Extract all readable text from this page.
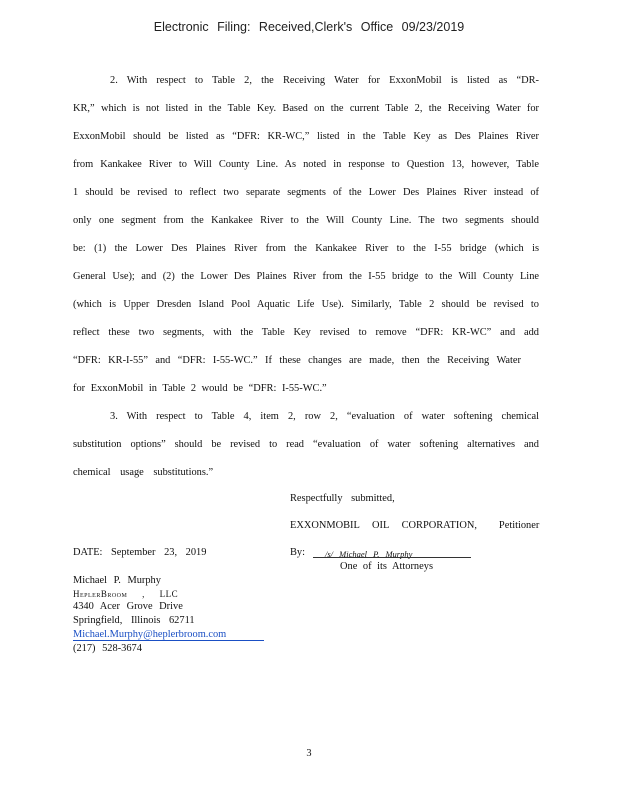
Electronic Filing: Received,Clerk's Office 09/23/2019
2. With respect to Table 2, the Receiving Water for ExxonMobil is listed as “DR-
KR,” which is not listed in the Table Key. Based on the current Table 2, the Receiving Water for
ExxonMobil should be listed as “DFR: KR-WC,” listed in the Table Key as Des Plaines River
from Kankakee River to Will County Line. As noted in response to Question 13, however, Table
1 should be revised to reflect two separate segments of the Lower Des Plaines River instead of
only one segment from the Kankakee River to the Will County Line. The two segments should
be: (1) the Lower Des Plaines River from the Kankakee River to the I-55 bridge (which is
General Use); and (2) the Lower Des Plaines River from the I-55 bridge to the Will County Line
(which is Upper Dresden Island Pool Aquatic Life Use). Similarly, Table 2 should be revised to
reflect these two segments, with the Table Key revised to remove “DFR: KR-WC” and add
“DFR: KR-I-55” and “DFR: I-55-WC.” If these changes are made, then the Receiving Water
for ExxonMobil in Table 2 would be “DFR: I-55-WC.”
3. With respect to Table 4, item 2, row 2, “evaluation of water softening chemical
substitution options” should be revised to read “evaluation of water softening alternatives and
chemical usage substitutions.”
Respectfully submitted,
EXXONMOBIL OIL CORPORATION, Petitioner
DATE: September 23, 2019	By: /s/ Michael P. Murphy
One of its Attorneys
Michael P. Murphy
HeplerBroom , LLC
4340 Acer Grove Drive
Springfield, Illinois 62711
Michael.Murphy@heplerbroom.com
(217) 528-3674
3
